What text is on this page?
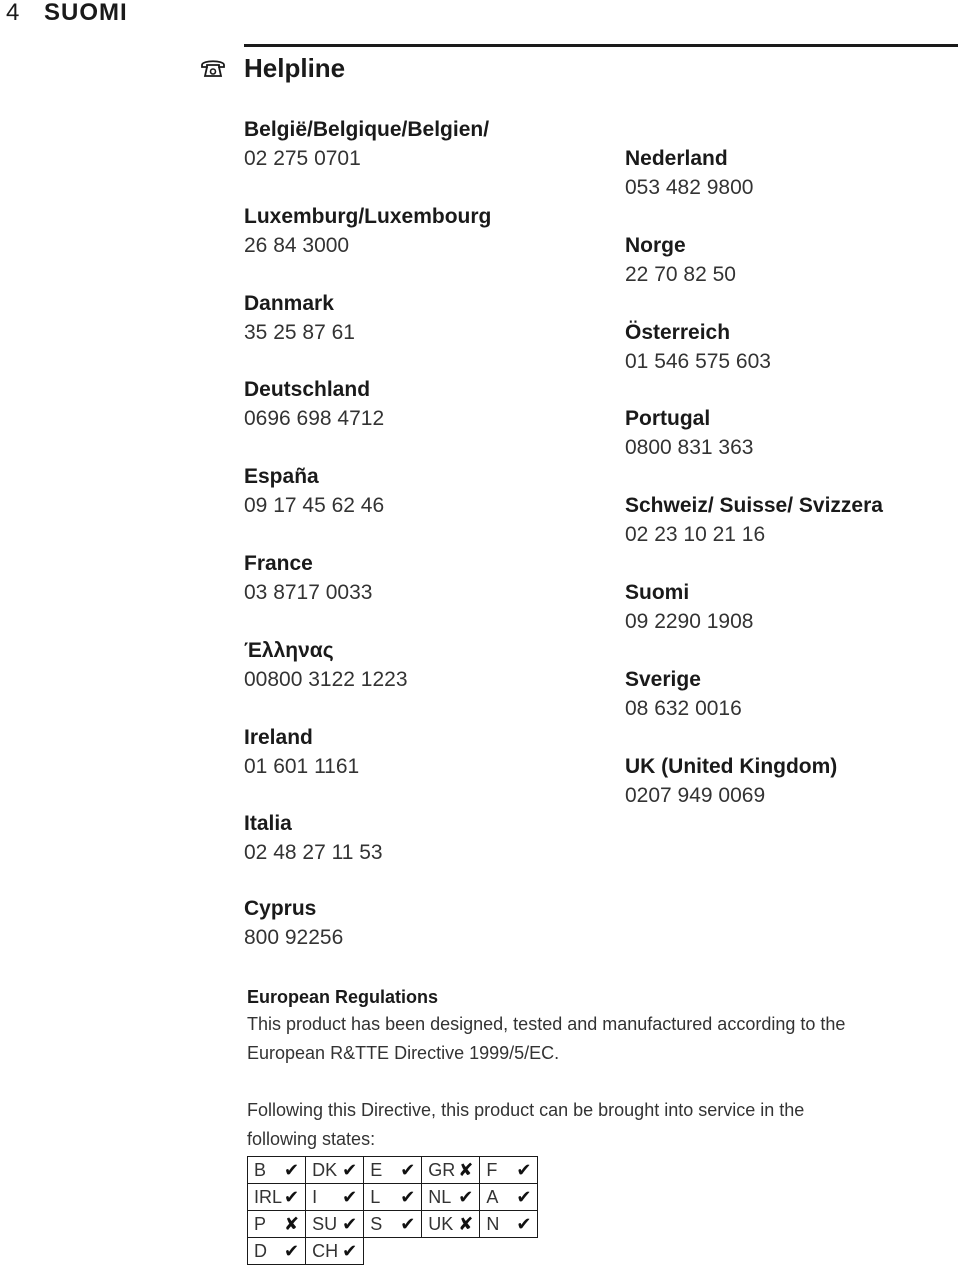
4 SUOMI
Helpline
België/Belgique/Belgien/
02 275 0701
Luxemburg/Luxembourg
26 84 3000
Danmark
35 25 87 61
Deutschland
0696 698 4712
España
09 17 45 62 46
France
03 8717 0033
Έλληνας
00800 3122 1223
Ireland
01 601 1161
Italia
02 48 27 11 53
Nederland
053 482 9800
Norge
22 70 82 50
Österreich
01 546 575 603
Portugal
0800 831 363
Schweiz/ Suisse/ Svizzera
02 23 10 21 16
Suomi
09 2290 1908
Sverige
08 632 0016
UK (United Kingdom)
0207 949 0069
Cyprus
800 92256
European Regulations

This product has been designed, tested and manufactured according to the
European R&TTE Directive 1999/5/EC.

Following this Directive, this product can be brought into service in the
following states:

B ✔	DK ✔	E ✔	GR ✘	F ✔
IRL ✔	I ✔	L ✔	NL ✔	A ✔
P ✘	SU ✔	S ✔	UK ✘	N ✔
D ✔	CH ✔			
